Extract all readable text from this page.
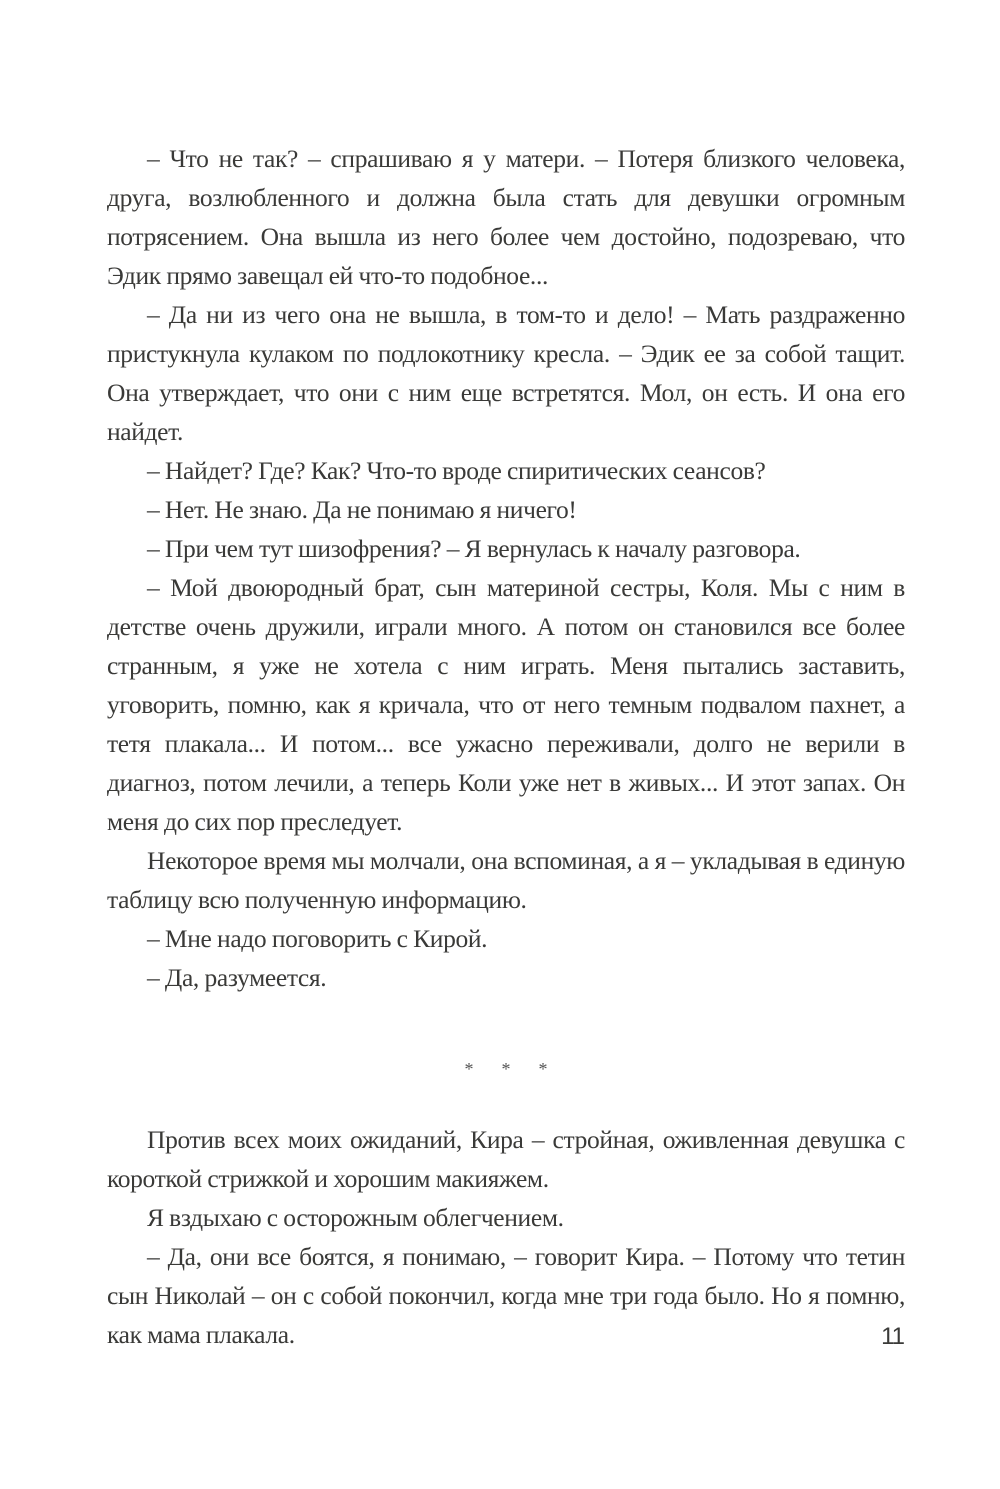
– Что не так? – спрашиваю я у матери. – Потеря близкого человека, друга, возлюбленного и должна была стать для девушки огромным потрясением. Она вышла из него более чем достойно, подозреваю, что Эдик прямо завещал ей что-то подобное...

– Да ни из чего она не вышла, в том-то и дело! – Мать раздраженно пристукнула кулаком по подлокотнику кресла. – Эдик ее за собой тащит. Она утверждает, что они с ним еще встретятся. Мол, он есть. И она его найдет.

– Найдет? Где? Как? Что-то вроде спиритических сеансов?

– Нет. Не знаю. Да не понимаю я ничего!

– При чем тут шизофрения? – Я вернулась к началу разговора.

– Мой двоюродный брат, сын материной сестры, Коля. Мы с ним в детстве очень дружили, играли много. А потом он становился все более странным, я уже не хотела с ним играть. Меня пытались заставить, уговорить, помню, как я кричала, что от него темным подвалом пахнет, а тетя плакала... И потом... все ужасно переживали, долго не верили в диагноз, потом лечили, а теперь Коли уже нет в живых... И этот запах. Он меня до сих пор преследует.

Некоторое время мы молчали, она вспоминая, а я – укладывая в единую таблицу всю полученную информацию.

– Мне надо поговорить с Кирой.

– Да, разумеется.

* * *

Против всех моих ожиданий, Кира – стройная, оживленная девушка с короткой стрижкой и хорошим макияжем.

Я вздыхаю с осторожным облегчением.

– Да, они все боятся, я понимаю, – говорит Кира. – Потому что тетин сын Николай – он с собой покончил, когда мне три года было. Но я помню, как мама плакала.	11
